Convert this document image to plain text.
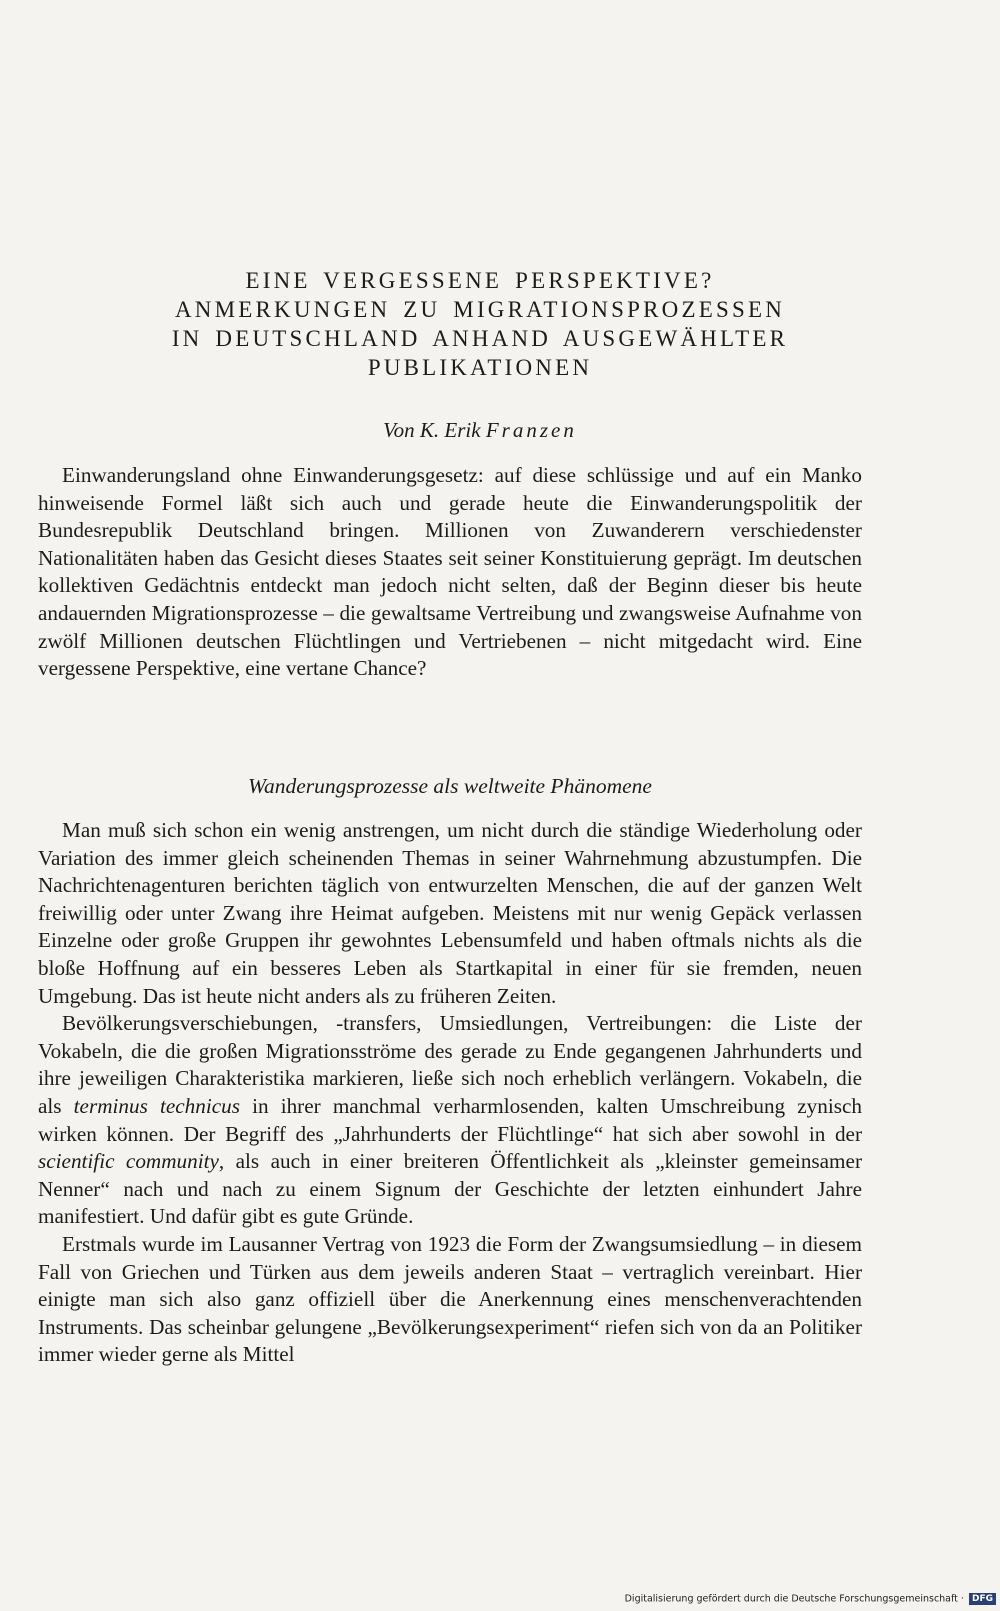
EINE VERGESSENE PERSPEKTIVE?
ANMERKUNGEN ZU MIGRATIONSPROZESSEN
IN DEUTSCHLAND ANHAND AUSGEWÄHLTER
PUBLIKATIONEN
Von K. Erik Franzen

Einwanderungsland ohne Einwanderungsgesetz: auf diese schlüssige und auf ein Manko hinweisende Formel läßt sich auch und gerade heute die Einwanderungspolitik der Bundesrepublik Deutschland bringen. Millionen von Zuwanderern verschiedenster Nationalitäten haben das Gesicht dieses Staates seit seiner Konstituierung geprägt. Im deutschen kollektiven Gedächtnis entdeckt man jedoch nicht selten, daß der Beginn dieser bis heute andauernden Migrationsprozesse – die gewaltsame Vertreibung und zwangsweise Aufnahme von zwölf Millionen deutschen Flüchtlingen und Vertriebenen – nicht mitgedacht wird. Eine vergessene Perspektive, eine vertane Chance?

Wanderungsprozesse als weltweite Phänomene

Man muß sich schon ein wenig anstrengen, um nicht durch die ständige Wiederholung oder Variation des immer gleich scheinenden Themas in seiner Wahrnehmung abzustumpfen. Die Nachrichtenagenturen berichten täglich von entwurzelten Menschen, die auf der ganzen Welt freiwillig oder unter Zwang ihre Heimat aufgeben. Meistens mit nur wenig Gepäck verlassen Einzelne oder große Gruppen ihr gewohntes Lebensumfeld und haben oftmals nichts als die bloße Hoffnung auf ein besseres Leben als Startkapital in einer für sie fremden, neuen Umgebung. Das ist heute nicht anders als zu früheren Zeiten.

Bevölkerungsverschiebungen, -transfers, Umsiedlungen, Vertreibungen: die Liste der Vokabeln, die die großen Migrationsströme des gerade zu Ende gegangenen Jahrhunderts und ihre jeweiligen Charakteristika markieren, ließe sich noch erheblich verlängern. Vokabeln, die als terminus technicus in ihrer manchmal verharmlosenden, kalten Umschreibung zynisch wirken können. Der Begriff des „Jahrhunderts der Flüchtlinge“ hat sich aber sowohl in der scientific community, als auch in einer breiteren Öffentlichkeit als „kleinster gemeinsamer Nenner“ nach und nach zu einem Signum der Geschichte der letzten einhundert Jahre manifestiert. Und dafür gibt es gute Gründe.

Erstmals wurde im Lausanner Vertrag von 1923 die Form der Zwangsumsiedlung – in diesem Fall von Griechen und Türken aus dem jeweils anderen Staat – vertraglich vereinbart. Hier einigte man sich also ganz offiziell über die Anerkennung eines menschenverachtenden Instruments. Das scheinbar gelungene „Bevölkerungsexperiment“ riefen sich von da an Politiker immer wieder gerne als Mittel

Digitalisierung gefördert durch die Deutsche Forschungsgemeinschaft · DFG
